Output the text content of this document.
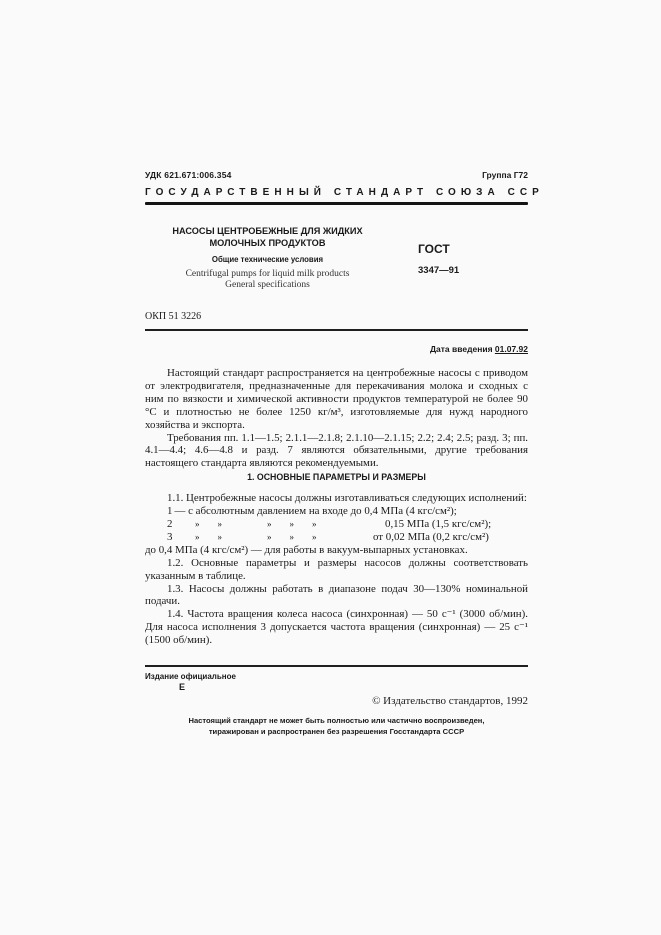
УДК 621.671:006.354	Группа Г72
ГОСУДАРСТВЕННЫЙ СТАНДАРТ СОЮЗА ССР
НАСОСЫ ЦЕНТРОБЕЖНЫЕ ДЛЯ ЖИДКИХ
МОЛОЧНЫХ ПРОДУКТОВ
Общие технические условия
Centrifugal pumps for liquid milk products
General specifications
ГОСТ
3347—91
ОКП 51 3226
Дата введения 01.07.92

Настоящий стандарт распространяется на центробежные насосы с приводом от электродвигателя, предназначенные для перекачивания молока и сходных с ним по вязкости и химической активности продуктов температурой не более 90 °С и плотностью не более 1250 кг/м³, изготовляемые для нужд народного хозяйства и экспорта.

Требования пп. 1.1—1.5; 2.1.1—2.1.8; 2.1.10—2.1.15; 2.2; 2.4; 2.5; разд. 3; пп. 4.1—4.4; 4.6—4.8 и разд. 7 являются обязательными, другие требования настоящего стандарта являются рекомендуемыми.

1. ОСНОВНЫЕ ПАРАМЕТРЫ И РАЗМЕРЫ

1.1. Центробежные насосы должны изготавливаться следующих исполнений:

1 — с абсолютным давлением на входе до 0,4 МПа (4 кгс/см²);
2	»        »                    »        »        »	0,15 МПа (1,5 кгс/см²);
3	»        »                    »        »        »	от 0,02 МПа (0,2 кгс/см²)

до 0,4 МПа (4 кгс/см²) — для работы в вакуум-выпарных установках.

1.2. Основные параметры и размеры насосов должны соответствовать указанным в таблице.

1.3. Насосы должны работать в диапазоне подач 30—130% номинальной подачи.

1.4. Частота вращения колеса насоса (синхронная) — 50 с⁻¹ (3000 об/мин). Для насоса исполнения 3 допускается частота вращения (синхронная) — 25 с⁻¹ (1500 об/мин).

Издание официальное
E
© Издательство стандартов, 1992
Настоящий стандарт не может быть полностью или частично воспроизведен,
тиражирован и распространен без разрешения Госстандарта СССР
